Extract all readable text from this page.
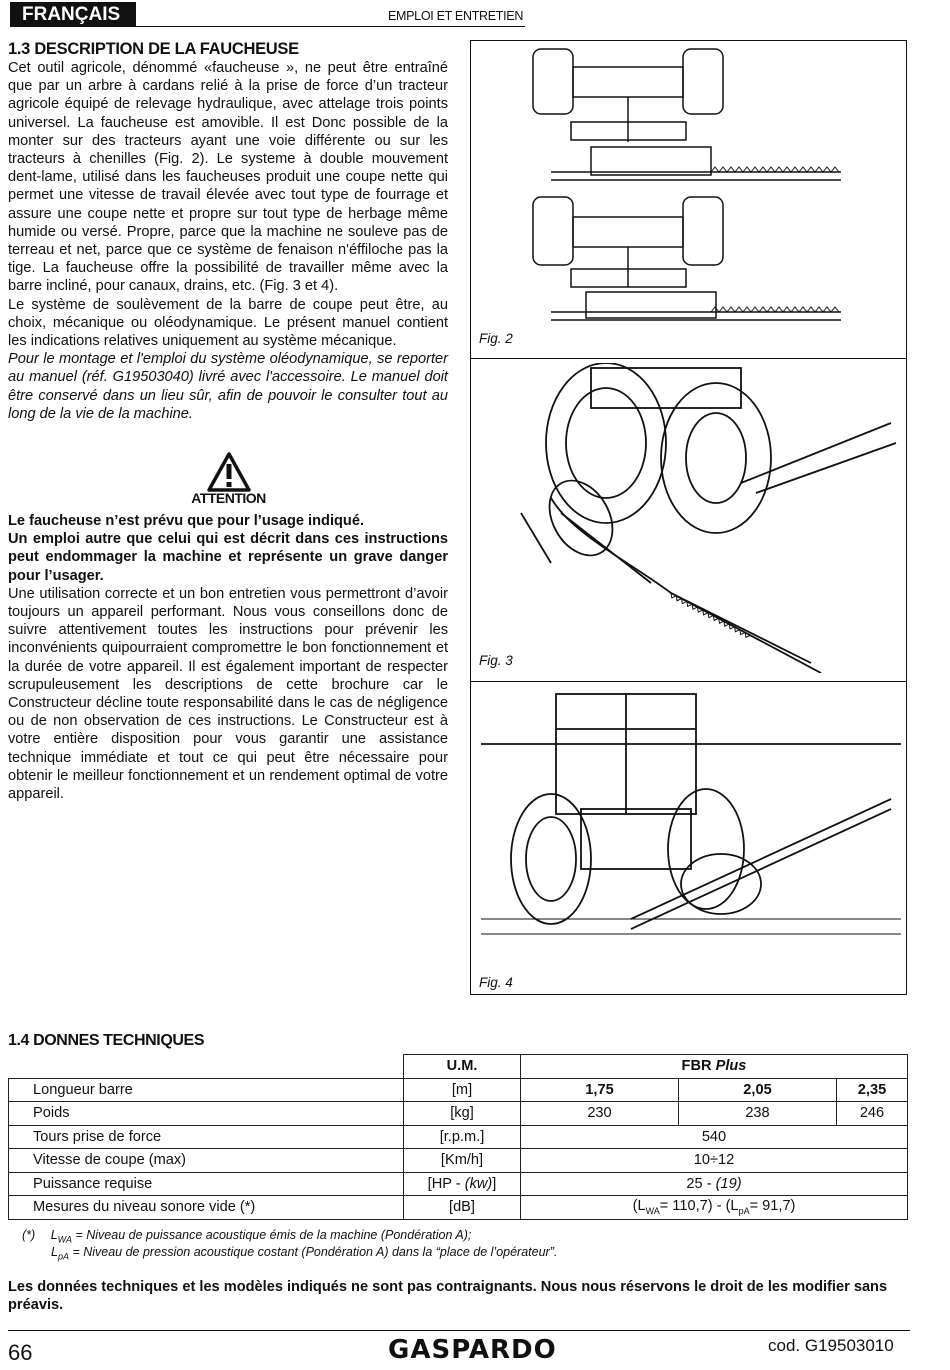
FRANÇAIS	EMPLOI ET ENTRETIEN
1.3 DESCRIPTION DE LA FAUCHEUSE

Cet outil agricole, dénommé «faucheuse », ne peut être entraîné que par un arbre à cardans relié à la prise de force d’un tracteur agricole équipé de relevage hydraulique, avec attelage trois points universel. La faucheuse est amovible. Il est Donc possible de la monter sur des tracteurs ayant une voie différente ou sur les tracteurs à chenilles (Fig. 2). Le systeme à double mouvement dent-lame, utilisé dans les faucheuses produit une coupe nette qui permet une vitesse de travail élevée avec tout type de fourrage et assure une coupe nette et propre sur tout type de herbage même humide ou versé. Propre, parce que la machine ne souleve pas de terreau et net, parce que ce système de fenaison n'éffiloche pas la tige. La faucheuse offre la possibilité de travailler même avec la barre incliné, pour canaux, drains, etc. (Fig. 3 et 4).

Le système de soulèvement de la barre de coupe peut être, au choix, mécanique ou oléodynamique. Le présent manuel contient les indications relatives uniquement au système mécanique.

Pour le montage et l'emploi du système oléodynamique, se reporter au manuel (réf. G19503040) livré avec l'accessoire. Le manuel doit être conservé dans un lieu sûr, afin de pouvoir le consulter tout au long de la vie de la machine.

ATTENTION

Le faucheuse n’est prévu que pour l’usage indiqué.

Un emploi autre que celui qui est décrit dans ces instructions peut endommager la machine et représente un grave danger pour l’usager.

Une utilisation correcte et un bon entretien vous permettront d’avoir toujours un appareil performant. Nous vous conseillons donc de suivre attentivement toutes les instructions pour prévenir les inconvénients quipourraient compromettre le bon fonctionnement et la durée de votre appareil. Il est également important de respecter scrupuleusement les descriptions de cette brochure car le Constructeur décline toute responsabilité dans le cas de négligence ou de non observation de ces instructions. Le Constructeur est à votre entière disposition pour vous garantir une assistance technique immédiate et tout ce qui peut être nécessaire pour obtenir le meilleur fonctionnement et un rendement optimal de votre appareil.

Fig. 2
Fig. 3
Fig. 4
1.4 DONNES TECHNIQUES
	U.M.	FBR Plus		
Longueur barre	[m]	1,75	2,05	2,35
Poids	[kg]	230	238	246
Tours prise de force	[r.p.m.]	540		
Vitesse de coupe (max)	[Km/h]	10÷12		
Puissance requise	[HP - (kw)]	25 - (19)		
Mesures du niveau sonore vide (*)	[dB]	$(L_{WA}= 110,7) - (L_{pA}= 91,7)$		
(*) $L_{WA}$ = Niveau de puissance acoustique émis de la machine (Pondération A);
$L_{pA}$ = Niveau de pression acoustique costant (Pondération A) dans la “place de l’opérateur”.
Les données techniques et les modèles indiqués ne sont pas contraignants. Nous nous réservons le droit de les modifier sans préavis.
66	GASPARDO	cod. G19503010
